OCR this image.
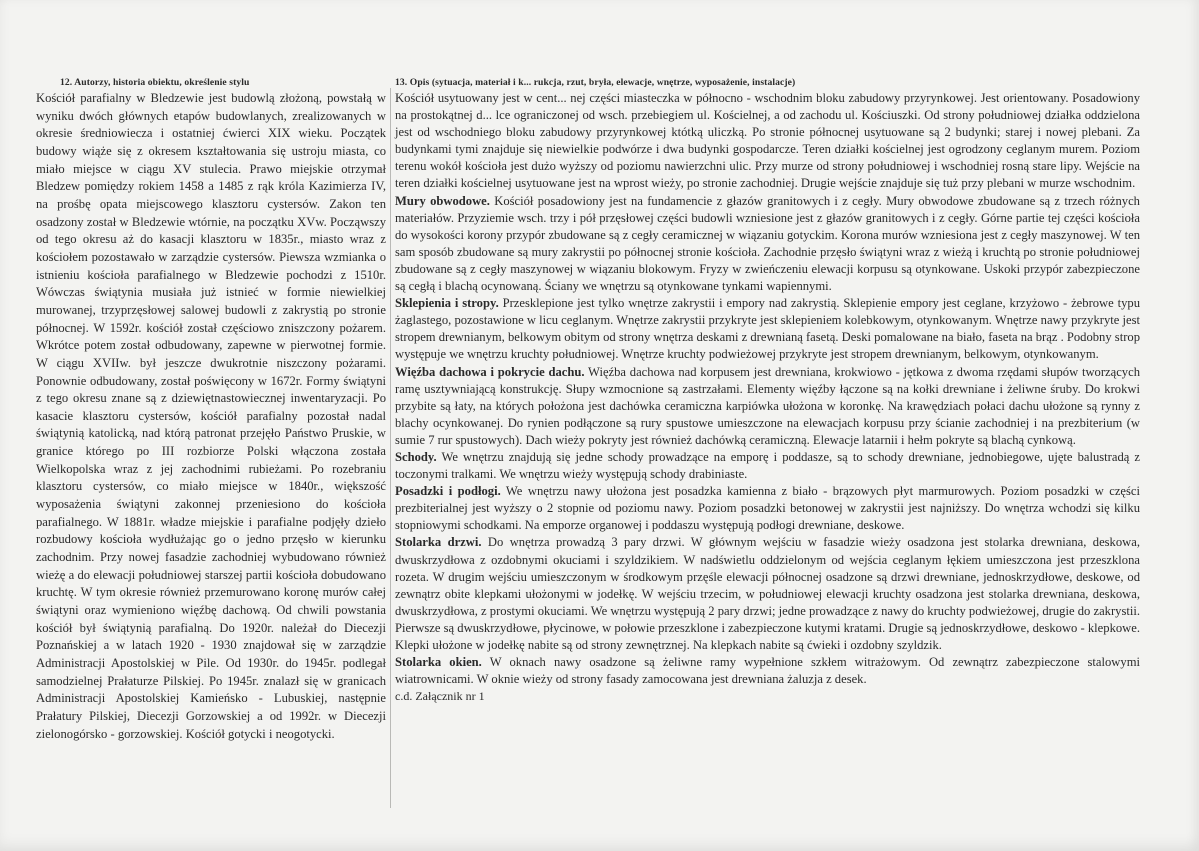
12. Autorzy, historia obiektu, określenie stylu

Kościół parafialny w Bledzewie jest budowlą złożoną, powstałą w wyniku dwóch głównych etapów budowlanych, zrealizowanych w okresie średniowiecza i ostatniej ćwierci XIX wieku. Początek budowy wiąże się z okresem kształtowania się ustroju miasta, co miało miejsce w ciągu XV stulecia. Prawo miejskie otrzymał Bledzew pomiędzy rokiem 1458 a 1485 z rąk króla Kazimierza IV, na prośbę opata miejscowego klasztoru cystersów. Zakon ten osadzony został w Bledzewie wtórnie, na początku XVw. Począwszy od tego okresu aż do kasacji klasztoru w 1835r., miasto wraz z kościołem pozostawało w zarządzie cystersów. Piewsza wzmianka o istnieniu kościoła parafialnego w Bledzewie pochodzi z 1510r. Wówczas świątynia musiała już istnieć w formie niewielkiej murowanej, trzyprzęsłowej salowej budowli z zakrystią po stronie północnej. W 1592r. kościół został częściowo zniszczony pożarem. Wkrótce potem został odbudowany, zapewne w pierwotnej formie. W ciągu XVIIw. był jeszcze dwukrotnie niszczony pożarami. Ponownie odbudowany, został poświęcony w 1672r. Formy świątyni z tego okresu znane są z dziewiętnastowiecznej inwentaryzacji. Po kasacie klasztoru cystersów, kościół parafialny pozostał nadal świątynią katolicką, nad którą patronat przejęło Państwo Pruskie, w granice którego po III rozbiorze Polski włączona została Wielkopolska wraz z jej zachodnimi rubieżami. Po rozebraniu klasztoru cystersów, co miało miejsce w 1840r., większość wyposażenia świątyni zakonnej przeniesiono do kościoła parafialnego. W 1881r. władze miejskie i parafialne podjęły dzieło rozbudowy kościoła wydłużając go o jedno przęsło w kierunku zachodnim. Przy nowej fasadzie zachodniej wybudowano również wieżę a do elewacji południowej starszej partii kościoła dobudowano kruchtę. W tym okresie również przemurowano koronę murów całej świątyni oraz wymieniono więźbę dachową. Od chwili powstania kościół był świątynią parafialną. Do 1920r. należał do Diecezji Poznańskiej a w latach 1920 - 1930 znajdował się w zarządzie Administracji Apostolskiej w Pile. Od 1930r. do 1945r. podlegał samodzielnej Prałaturze Pilskiej. Po 1945r. znalazł się w granicach Administracji Apostolskiej Kamieńsko - Lubuskiej, następnie Prałatury Pilskiej, Diecezji Gorzowskiej a od 1992r. w Diecezji zielonogórsko - gorzowskiej. Kościół gotycki i neogotycki.

13. Opis (sytuacja, materiał i k... rukcja, rzut, bryła, elewacje, wnętrze, wyposażenie, instalacje)

Kościół usytuowany jest w cent... nej części miasteczka w północno - wschodnim bloku zabudowy przyrynkowej. Jest orientowany. Posadowiony na prostokątnej d... lce ograniczonej od wsch. przebiegiem ul. Kościelnej, a od zachodu ul. Kościuszki. Od strony południowej działka oddzielona jest od wschodniego bloku zabudowy przyrynkowej któtką uliczką. Po stronie północnej usytuowane są 2 budynki; starej i nowej plebani. Za budynkami tymi znajduje się niewielkie podwórze i dwa budynki gospodarcze. Teren działki kościelnej jest ogrodzony ceglanym murem. Poziom terenu wokół kościoła jest dużo wyższy od poziomu nawierzchni ulic. Przy murze od strony południowej i wschodniej rosną stare lipy. Wejście na teren działki kościelnej usytuowane jest na wprost wieży, po stronie zachodniej. Drugie wejście znajduje się tuż przy plebani w murze wschodnim.

Mury obwodowe. Kościół posadowiony jest na fundamencie z głazów granitowych i z cegły. Mury obwodowe zbudowane są z trzech różnych materiałów. Przyziemie wsch. trzy i pół przęsłowej części budowli wzniesione jest z głazów granitowych i z cegły. Górne partie tej części kościoła do wysokości korony przypór zbudowane są z cegły ceramicznej w wiązaniu gotyckim. Korona murów wzniesiona jest z cegły maszynowej. W ten sam sposób zbudowane są mury zakrystii po północnej stronie kościoła. Zachodnie przęsło świątyni wraz z wieżą i kruchtą po stronie południowej zbudowane są z cegły maszynowej w wiązaniu blokowym. Fryzy w zwieńczeniu elewacji korpusu są otynkowane. Uskoki przypór zabezpieczone są cegłą i blachą ocynowaną. Ściany we wnętrzu są otynkowane tynkami wapiennymi.

Sklepienia i stropy. Przesklepione jest tylko wnętrze zakrystii i empory nad zakrystią. Sklepienie empory jest ceglane, krzyżowo - żebrowe typu żaglastego, pozostawione w licu ceglanym. Wnętrze zakrystii przykryte jest sklepieniem kolebkowym, otynkowanym. Wnętrze nawy przykryte jest stropem drewnianym, belkowym obitym od strony wnętrza deskami z drewnianą fasetą. Deski pomalowane na biało, faseta na brąz . Podobny strop występuje we wnętrzu kruchty południowej. Wnętrze kruchty podwieżowej przykryte jest stropem drewnianym, belkowym, otynkowanym.

Więźba dachowa i pokrycie dachu. Więźba dachowa nad korpusem jest drewniana, krokwiowo - jętkowa z dwoma rzędami słupów tworzących ramę usztywniającą konstrukcję. Słupy wzmocnione są zastrzałami. Elementy więźby łączone są na kołki drewniane i żeliwne śruby. Do krokwi przybite są łaty, na których położona jest dachówka ceramiczna karpiówka ułożona w koronkę. Na krawędziach połaci dachu ułożone są rynny z blachy ocynkowanej. Do rynien podłączone są rury spustowe umieszczone na elewacjach korpusu przy ścianie zachodniej i na prezbiterium (w sumie 7 rur spustowych). Dach wieży pokryty jest również dachówką ceramiczną. Elewacje latarnii i hełm pokryte są blachą cynkową.

Schody. We wnętrzu znajdują się jedne schody prowadzące na emporę i poddasze, są to schody drewniane, jednobiegowe, ujęte balustradą z toczonymi tralkami. We wnętrzu wieży występują schody drabiniaste.

Posadzki i podłogi. We wnętrzu nawy ułożona jest posadzka kamienna z biało - brązowych płyt marmurowych. Poziom posadzki w części prezbiterialnej jest wyższy o 2 stopnie od poziomu nawy. Poziom posadzki betonowej w zakrystii jest najniższy. Do wnętrza wchodzi się kilku stopniowymi schodkami. Na emporze organowej i poddaszu występują podłogi drewniane, deskowe.

Stolarka drzwi. Do wnętrza prowadzą 3 pary drzwi. W głównym wejściu w fasadzie wieży osadzona jest stolarka drewniana, deskowa, dwuskrzydłowa z ozdobnymi okuciami i szyldzikiem. W nadświetlu oddzielonym od wejścia ceglanym łękiem umieszczona jest przeszklona rozeta. W drugim wejściu umieszczonym w środkowym przęśle elewacji północnej osadzone są drzwi drewniane, jednoskrzydłowe, deskowe, od zewnątrz obite klepkami ułożonymi w jodełkę. W wejściu trzecim, w południowej elewacji kruchty osadzona jest stolarka drewniana, deskowa, dwuskrzydłowa, z prostymi okuciami. We wnętrzu występują 2 pary drzwi; jedne prowadzące z nawy do kruchty podwieżowej, drugie do zakrystii. Pierwsze są dwuskrzydłowe, płycinowe, w połowie przeszklone i zabezpieczone kutymi kratami. Drugie są jednoskrzydłowe, deskowo - klepkowe. Klepki ułożone w jodełkę nabite są od strony zewnętrznej. Na klepkach nabite są ćwieki i ozdobny szyldzik.

Stolarka okien. W oknach nawy osadzone są żeliwne ramy wypełnione szkłem witrażowym. Od zewnątrz zabezpieczone stalowymi wiatrownicami. W oknie wieży od strony fasady zamocowana jest drewniana żaluzja z desek.

c.d. Załącznik nr 1
